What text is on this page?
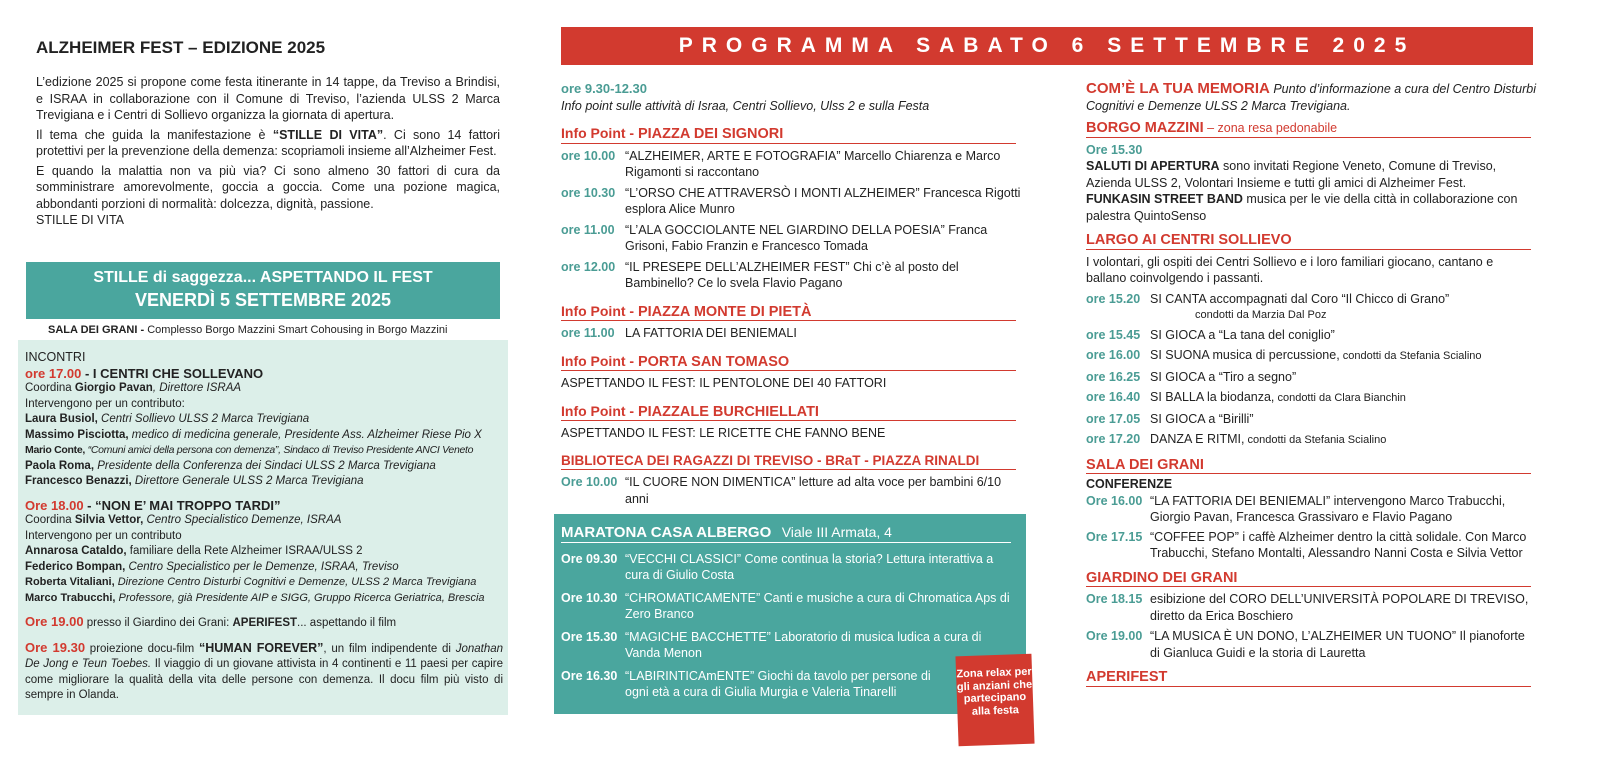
ALZHEIMER FEST – EDIZIONE 2025

L’edizione 2025 si propone come festa itinerante in 14 tappe, da Treviso a Brindisi, e ISRAA in collaborazione con il Comune di Treviso, l’azienda ULSS 2 Marca Trevigiana e i Centri di Sollievo organizza la giornata di apertura.

Il tema che guida la manifestazione è “STILLE DI VITA”. Ci sono 14 fattori protettivi per la prevenzione della demenza: scopriamoli insieme all’Alzheimer Fest.

E quando la malattia non va più via? Ci sono almeno 30 fattori di cura da somministrare amorevolmente, goccia a goccia. Come una pozione magica, abbondanti porzioni di normalità: dolcezza, dignità, passione.

STILLE DI VITA

STILLE di saggezza... ASPETTANDO IL FEST
VENERDÌ 5 SETTEMBRE 2025
SALA DEI GRANI - Complesso Borgo Mazzini Smart Cohousing in Borgo Mazzini
INCONTRI
ore 17.00 - I CENTRI CHE SOLLEVANO
Coordina Giorgio Pavan, Direttore ISRAA
Intervengono per un contributo:
Laura Busiol, Centri Sollievo ULSS 2 Marca Trevigiana
Massimo Pisciotta, medico di medicina generale, Presidente Ass. Alzheimer Riese Pio X
Mario Conte, “Comuni amici della persona con demenza”, Sindaco di Treviso Presidente ANCI Veneto
Paola Roma, Presidente della Conferenza dei Sindaci ULSS 2 Marca Trevigiana
Francesco Benazzi, Direttore Generale ULSS 2 Marca Trevigiana
Ore 18.00 - “NON E’ MAI TROPPO TARDI”
Coordina Silvia Vettor, Centro Specialistico Demenze, ISRAA
Intervengono per un contributo
Annarosa Cataldo, familiare della Rete Alzheimer ISRAA/ULSS 2
Federico Bompan, Centro Specialistico per le Demenze, ISRAA, Treviso
Roberta Vitaliani, Direzione Centro Disturbi Cognitivi e Demenze, ULSS 2 Marca Trevigiana
Marco Trabucchi, Professore, già Presidente AIP e SIGG, Gruppo Ricerca Geriatrica, Brescia
Ore 19.00 presso il Giardino dei Grani: APERIFEST... aspettando il film
Ore 19.30 proiezione docu-film “HUMAN FOREVER”, un film indipendente di Jonathan De Jong e Teun Toebes. Il viaggio di un giovane attivista in 4 continenti e 11 paesi per capire come migliorare la qualità della vita delle persone con demenza. Il docu film più visto di sempre in Olanda.
PROGRAMMA SABATO 6 SETTEMBRE 2025
ore 9.30-12.30
Info point sulle attività di Israa, Centri Sollievo, Ulss 2 e sulla Festa
Info Point - PIAZZA DEI SIGNORI
ore 10.00 “ALZHEIMER, ARTE E FOTOGRAFIA” Marcello Chiarenza e Marco Rigamonti si raccontano
ore 10.30 “L’ORSO CHE ATTRAVERSÒ I MONTI ALZHEIMER” Francesca Rigotti esplora Alice Munro
ore 11.00 “L’ALA GOCCIOLANTE NEL GIARDINO DELLA POESIA” Franca Grisoni, Fabio Franzin e Francesco Tomada
ore 12.00 “IL PRESEPE DELL’ALZHEIMER FEST” Chi c’è al posto del Bambinello? Ce lo svela Flavio Pagano
Info Point - PIAZZA MONTE DI PIETÀ
ore 11.00 LA FATTORIA DEI BENIEMALI
Info Point - PORTA SAN TOMASO
ASPETTANDO IL FEST: IL PENTOLONE DEI 40 FATTORI
Info Point - PIAZZALE BURCHIELLATI
ASPETTANDO IL FEST: LE RICETTE CHE FANNO BENE
BIBLIOTECA DEI RAGAZZI DI TREVISO - BRaT - PIAZZA RINALDI
Ore 10.00 “IL CUORE NON DIMENTICA” letture ad alta voce per bambini 6/10 anni
MARATONA CASA ALBERGO Viale III Armata, 4
Ore 09.30 “VECCHI CLASSICI” Come continua la storia? Lettura interattiva a cura di Giulio Costa
Ore 10.30 “CHROMATICAMENTE” Canti e musiche a cura di Chromatica Aps di Zero Branco
Ore 15.30 “MAGICHE BACCHETTE” Laboratorio di musica ludica a cura di Vanda Menon
Ore 16.30 “LABIRINTICAmENTE” Giochi da tavolo per persone di ogni età a cura di Giulia Murgia e Valeria Tinarelli
Zona relax per gli anziani che partecipano alla festa
COM’È LA TUA MEMORIA Punto d’informazione a cura del Centro Disturbi Cognitivi e Demenze ULSS 2 Marca Trevigiana.
BORGO MAZZINI – zona resa pedonabile
Ore 15.30
SALUTI DI APERTURA sono invitati Regione Veneto, Comune di Treviso, Azienda ULSS 2, Volontari Insieme e tutti gli amici di Alzheimer Fest.
FUNKASIN STREET BAND musica per le vie della città in collaborazione con palestra QuintoSenso
LARGO AI CENTRI SOLLIEVO
I volontari, gli ospiti dei Centri Sollievo e i loro familiari giocano, cantano e ballano coinvolgendo i passanti.
ore 15.20 SI CANTA accompagnati dal Coro “Il Chicco di Grano”
condotti da Marzia Dal Poz
ore 15.45 SI GIOCA a “La tana del coniglio”
ore 16.00 SI SUONA musica di percussione, condotti da Stefania Scialino
ore 16.25 SI GIOCA a “Tiro a segno”
ore 16.40 SI BALLA la biodanza, condotti da Clara Bianchin
ore 17.05 SI GIOCA a “Birilli”
ore 17.20 DANZA E RITMI, condotti da Stefania Scialino
SALA DEI GRANI
CONFERENZE
Ore 16.00 “LA FATTORIA DEI BENIEMALI” intervengono Marco Trabucchi, Giorgio Pavan, Francesca Grassivaro e Flavio Pagano
Ore 17.15 “COFFEE POP” i caffè Alzheimer dentro la città solidale. Con Marco Trabucchi, Stefano Montalti, Alessandro Nanni Costa e Silvia Vettor
GIARDINO DEI GRANI
Ore 18.15 esibizione del CORO DELL’UNIVERSITÀ POPOLARE DI TREVISO, diretto da Erica Boschiero
Ore 19.00 “LA MUSICA È UN DONO, L’ALZHEIMER UN TUONO” Il pianoforte di Gianluca Guidi e la storia di Lauretta
APERIFEST
